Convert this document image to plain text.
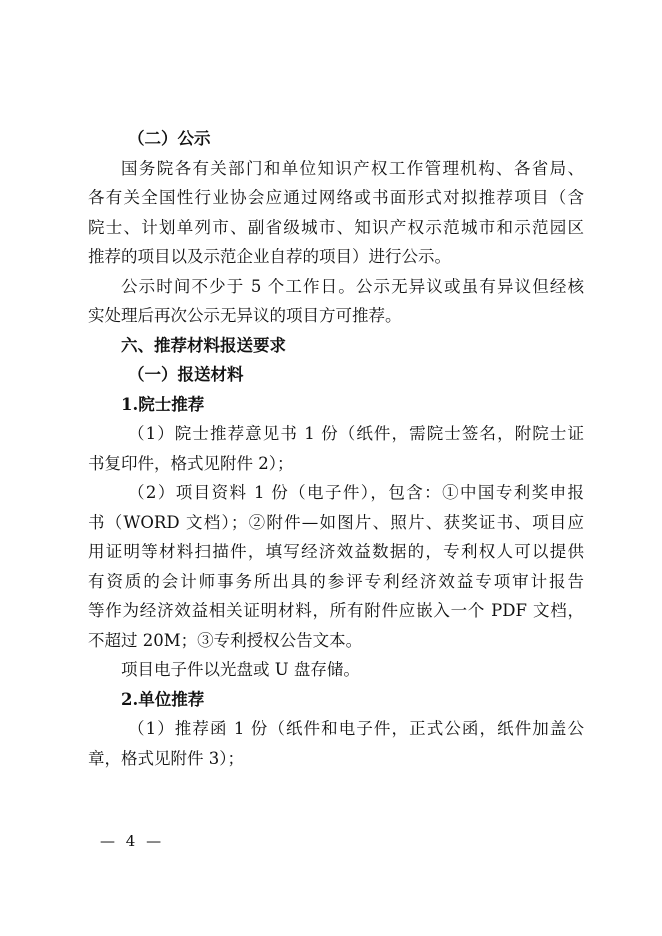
（二）公示
国务院各有关部门和单位知识产权工作管理机构、各省局、
各有关全国性行业协会应通过网络或书面形式对拟推荐项目（含
院士、计划单列市、副省级城市、知识产权示范城市和示范园区
推荐的项目以及示范企业自荐的项目）进行公示。
公示时间不少于 5 个工作日。公示无异议或虽有异议但经核
实处理后再次公示无异议的项目方可推荐。
六、推荐材料报送要求
（一）报送材料
1.院士推荐
（1）院士推荐意见书 1 份（纸件，需院士签名，附院士证
书复印件，格式见附件 2）；
（2）项目资料 1 份（电子件），包含：①中国专利奖申报
书（WORD 文档）；②附件—如图片、照片、获奖证书、项目应
用证明等材料扫描件，填写经济效益数据的，专利权人可以提供
有资质的会计师事务所出具的参评专利经济效益专项审计报告
等作为经济效益相关证明材料，所有附件应嵌入一个 PDF 文档，
不超过 20M；③专利授权公告文本。
项目电子件以光盘或 U 盘存储。
2.单位推荐
（1）推荐函 1 份（纸件和电子件，正式公函，纸件加盖公
章，格式见附件 3）；
— 4 —
